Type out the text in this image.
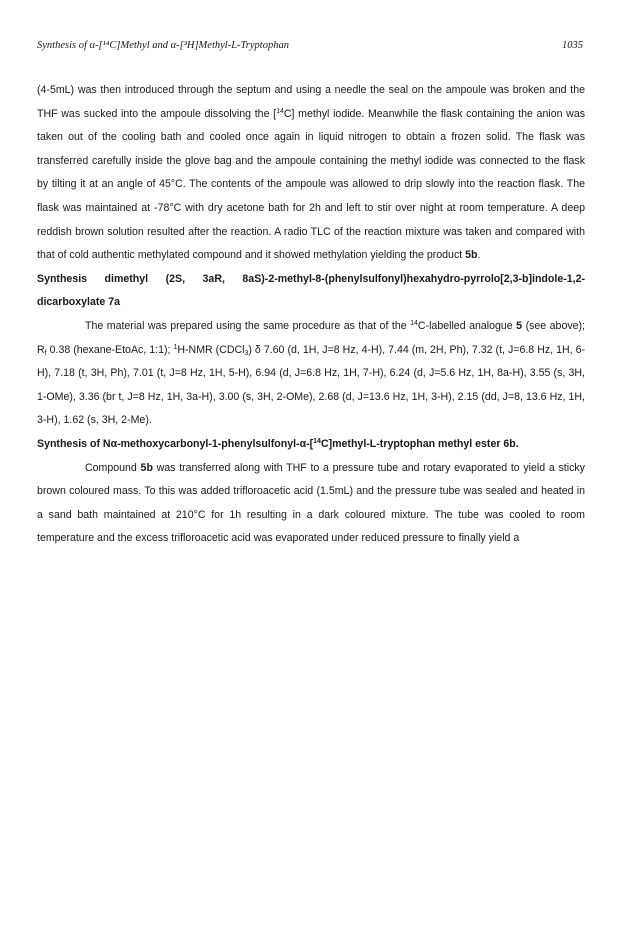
Synthesis of α-[¹⁴C]Methyl and α-[³H]Methyl-L-Tryptophan	1035

(4-5mL) was then introduced through the septum and using a needle the seal on the ampoule was broken and the THF was sucked into the ampoule dissolving the [$^{14}$C] methyl iodide. Meanwhile the flask containing the anion was taken out of the cooling bath and cooled once again in liquid nitrogen to obtain a frozen solid. The flask was transferred carefully inside the glove bag and the ampoule containing the methyl iodide was connected to the flask by tilting it at an angle of 45°C. The contents of the ampoule was allowed to drip slowly into the reaction flask. The flask was maintained at -78°C with dry acetone bath for 2h and left to stir over night at room temperature. A deep reddish brown solution resulted after the reaction. A radio TLC of the reaction mixture was taken and compared with that of cold authentic methylated compound and it showed methylation yielding the product 5b.

Synthesis dimethyl (2S, 3aR, 8aS)-2-methyl-8-(phenylsulfonyl)hexahydro-pyrrolo[2,3-b]indole-1,2-dicarboxylate 7a

The material was prepared using the same procedure as that of the $^{14}$C-labelled analogue 5 (see above); $R_f$ 0.38 (hexane-EtoAc, 1:1); $^1$H-NMR (CDCl$_3$) δ 7.60 (d, 1H, J=8 Hz, 4-H), 7.44 (m, 2H, Ph), 7.32 (t, J=6.8 Hz, 1H, 6-H), 7.18 (t, 3H, Ph), 7.01 (t, J=8 Hz, 1H, 5-H), 6.94 (d, J=6.8 Hz, 1H, 7-H), 6.24 (d, J=5.6 Hz, 1H, 8a-H), 3.55 (s, 3H, 1-OMe), 3.36 (br t, J=8 Hz, 1H, 3a-H), 3.00 (s, 3H, 2-OMe), 2.68 (d, J=13.6 Hz, 1H, 3-H), 2.15 (dd, J=8, 13.6 Hz, 1H, 3-H), 1.62 (s, 3H, 2-Me).

Synthesis of Nα-methoxycarbonyl-1-phenylsulfonyl-α-[$^{14}$C]methyl-L-tryptophan methyl ester 6b.

Compound 5b was transferred along with THF to a pressure tube and rotary evaporated to yield a sticky brown coloured mass. To this was added trifloroacetic acid (1.5mL) and the pressure tube was sealed and heated in a sand bath maintained at 210°C for 1h resulting in a dark coloured mixture. The tube was cooled to room temperature and the excess trifloroacetic acid was evaporated under reduced pressure to finally yield a
